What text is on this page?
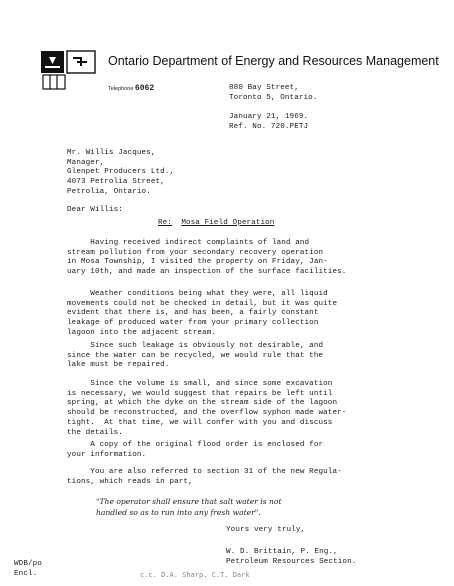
Ontario Department of Energy and Resources Management
Telephone 6062	880 Bay Street,
Toronto 5, Ontario.
January 21, 1969.
Ref. No. 720.PETJ
Mr. Willis Jacques,
Manager,
Glenpet Producers Ltd.,
4073 Petrolia Street,
Petrolia, Ontario.
Dear Willis:
Re: Mosa Field Operation
Having received indirect complaints of land and
stream pollution from your secondary recovery operation
in Mosa Township, I visited the property on Friday, Jan-
uary 10th, and made an inspection of the surface facilities.
Weather conditions being what they were, all liquid
movements could not be checked in detail, but it was quite
evident that there is, and has been, a fairly constant
leakage of produced water from your primary collection
lagoon into the adjacent stream.
Since such leakage is obviously not desirable, and
since the water can be recycled, we would rule that the
lake must be repaired.
Since the volume is small, and since some excavation
is necessary, we would suggest that repairs be left until
spring, at which the dyke on the stream side of the lagoon
should be reconstructed, and the overflow syphon made water-
tight.  At that time, we will confer with you and discuss
the details.
A copy of the original flood order is enclosed for
your information.
You are also referred to section 31 of the new Regula-
tions, which reads in part,
"The operator shall ensure that salt water is not
handled so as to run into any fresh water".
Yours very truly,
W. D. Brittain, P. Eng.,
Petroleum Resources Section.
WDB/po
Encl.	c.c. D.A. Sharp, C.T. Dark
